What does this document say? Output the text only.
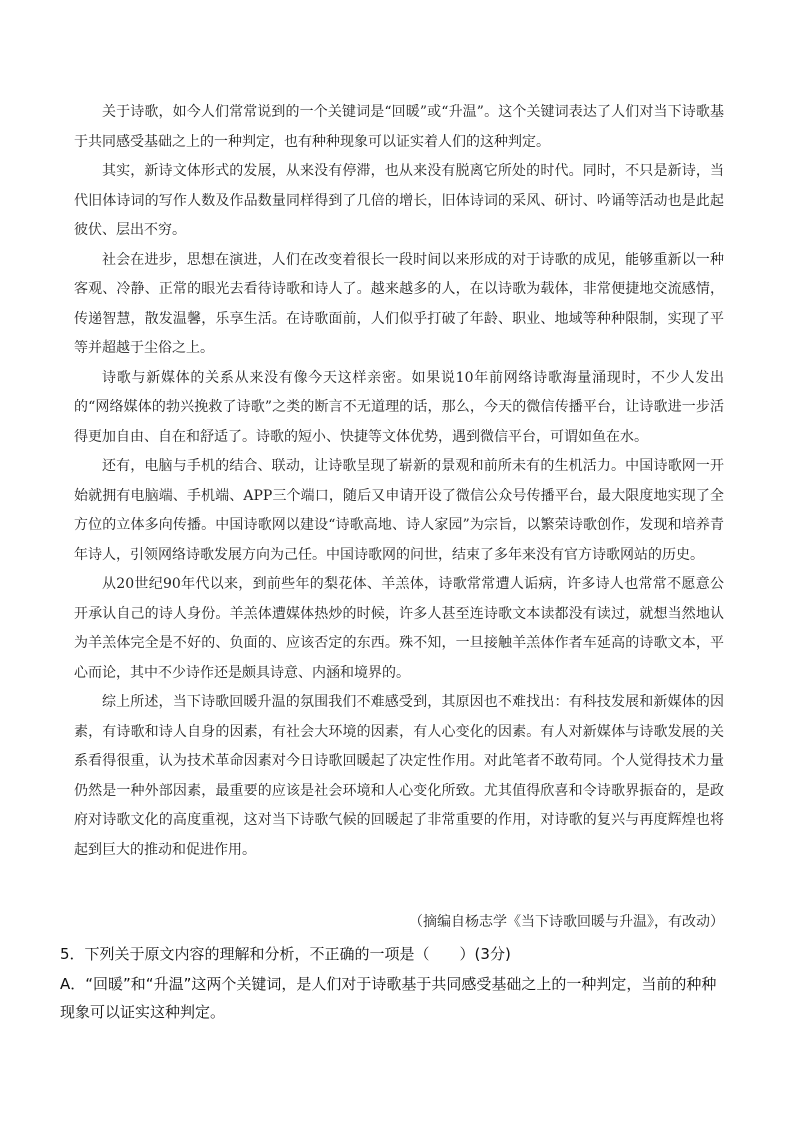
关于诗歌，如今人们常常说到的一个关键词是“回暖”或“升温”。这个关键词表达了人们对当下诗歌基于共同感受基础之上的一种判定，也有种种现象可以证实着人们的这种判定。

其实，新诗文体形式的发展，从来没有停滞，也从来没有脱离它所处的时代。同时，不只是新诗，当代旧体诗词的写作人数及作品数量同样得到了几倍的增长，旧体诗词的采风、研讨、吟诵等活动也是此起彼伏、层出不穷。

社会在进步，思想在演进，人们在改变着很长一段时间以来形成的对于诗歌的成见，能够重新以一种客观、冷静、正常的眼光去看待诗歌和诗人了。越来越多的人，在以诗歌为载体，非常便捷地交流感情，传递智慧，散发温馨，乐享生活。在诗歌面前，人们似乎打破了年龄、职业、地域等种种限制，实现了平等并超越于尘俗之上。

诗歌与新媒体的关系从来没有像今天这样亲密。如果说10年前网络诗歌海量涌现时，不少人发出的“网络媒体的勃兴挽救了诗歌”之类的断言不无道理的话，那么，今天的微信传播平台，让诗歌进一步活得更加自由、自在和舒适了。诗歌的短小、快捷等文体优势，遇到微信平台，可谓如鱼在水。

还有，电脑与手机的结合、联动，让诗歌呈现了崭新的景观和前所未有的生机活力。中国诗歌网一开始就拥有电脑端、手机端、APP三个端口，随后又申请开设了微信公众号传播平台，最大限度地实现了全方位的立体多向传播。中国诗歌网以建设“诗歌高地、诗人家园”为宗旨，以繁荣诗歌创作，发现和培养青年诗人，引领网络诗歌发展方向为己任。中国诗歌网的问世，结束了多年来没有官方诗歌网站的历史。

从20世纪90年代以来，到前些年的梨花体、羊羔体，诗歌常常遭人诟病，许多诗人也常常不愿意公开承认自己的诗人身份。羊羔体遭媒体热炒的时候，许多人甚至连诗歌文本读都没有读过，就想当然地认为羊羔体完全是不好的、负面的、应该否定的东西。殊不知，一旦接触羊羔体作者车延高的诗歌文本，平心而论，其中不少诗作还是颇具诗意、内涵和境界的。

综上所述，当下诗歌回暖升温的氛围我们不难感受到，其原因也不难找出：有科技发展和新媒体的因素，有诗歌和诗人自身的因素，有社会大环境的因素，有人心变化的因素。有人对新媒体与诗歌发展的关系看得很重，认为技术革命因素对今日诗歌回暖起了决定性作用。对此笔者不敢苟同。个人觉得技术力量仍然是一种外部因素，最重要的应该是社会环境和人心变化所致。尤其值得欣喜和令诗歌界振奋的，是政府对诗歌文化的高度重视，这对当下诗歌气候的回暖起了非常重要的作用，对诗歌的复兴与再度辉煌也将起到巨大的推动和促进作用。

（摘编自杨志学《当下诗歌回暖与升温》，有改动）

5．下列关于原文内容的理解和分析，不正确的一项是（　　）(3分)

A．“回暖”和“升温”这两个关键词，是人们对于诗歌基于共同感受基础之上的一种判定，当前的种种现象可以证实这种判定。
